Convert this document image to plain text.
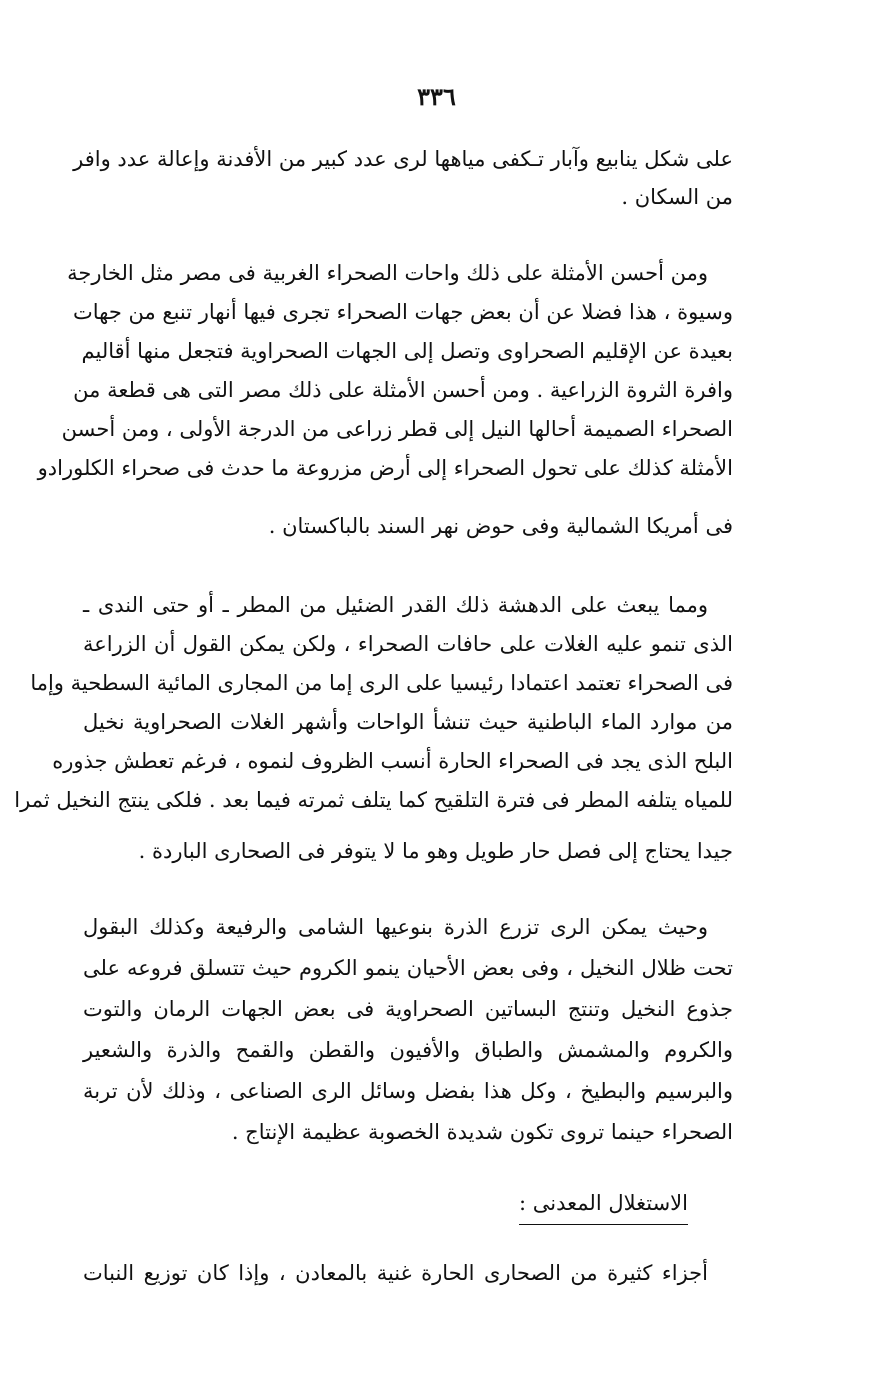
٣٣٦
على شكل ينابيع وآبار تـكفى مياهها لرى عدد كبير من الأفدنة وإعالة عدد وافر
من السكان .
ومن أحسن الأمثلة على ذلك واحات الصحراء الغربية فى مصر مثل الخارجة
وسيوة ، هذا فضلا عن أن بعض جهات الصحراء تجرى فيها أنهار تنبع من جهات
بعيدة عن الإقليم الصحراوى وتصل إلى الجهات الصحراوية فتجعل منها أقاليم
وافرة الثروة الزراعية . ومن أحسن الأمثلة على ذلك مصر التى هى قطعة من
الصحراء الصميمة أحالها النيل إلى قطر زراعى من الدرجة الأولى ، ومن أحسن
الأمثلة كذلك على تحول الصحراء إلى أرض مزروعة ما حدث فى صحراء الكلورادو
فى أمريكا الشمالية وفى حوض نهر السند بالباكستان .
ومما يبعث على الدهشة ذلك القدر الضئيل من المطر ـ أو حتى الندى ـ
الذى تنمو عليه الغلات على حافات الصحراء ، ولكن يمكن القول أن الزراعة
فى الصحراء تعتمد اعتمادا رئيسيا على الرى إما من المجارى المائية السطحية وإما
من موارد الماء الباطنية حيث تنشأ الواحات وأشهر الغلات الصحراوية نخيل
البلح الذى يجد فى الصحراء الحارة أنسب الظروف لنموه ، فرغم تعطش جذوره
للمياه يتلفه المطر فى فترة التلقيح كما يتلف ثمرته فيما بعد . فلكى ينتج النخيل ثمرا
جيدا يحتاج إلى فصل حار طويل وهو ما لا يتوفر فى الصحارى الباردة .
وحيث يمكن الرى تزرع الذرة بنوعيها الشامى والرفيعة وكذلك البقول
تحت ظلال النخيل ، وفى بعض الأحيان ينمو الكروم حيث تتسلق فروعه على
جذوع النخيل وتنتج البساتين الصحراوية فى بعض الجهات الرمان والتوت
والكروم والمشمش والطباق والأفيون والقطن والقمح والذرة والشعير
والبرسيم والبطيخ ، وكل هذا بفضل وسائل الرى الصناعى ، وذلك لأن تربة
الصحراء حينما تروى تكون شديدة الخصوبة عظيمة الإنتاج .
الاستغلال المعدنى :
أجزاء كثيرة من الصحارى الحارة غنية بالمعادن ، وإذا كان توزيع النبات
